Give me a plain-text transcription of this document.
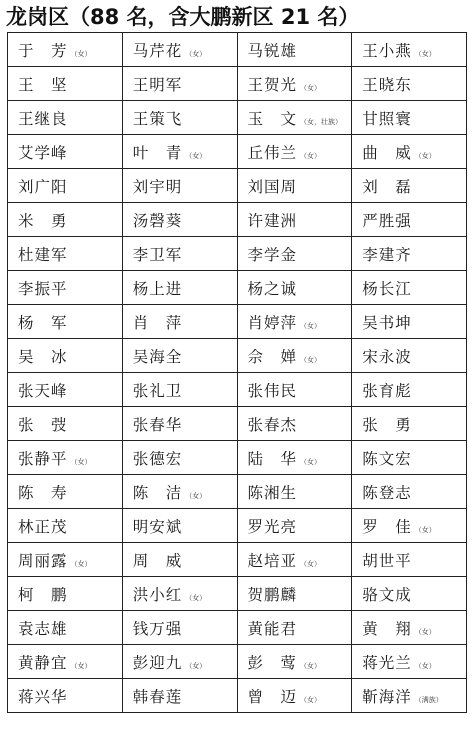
龙岗区（88 名，含大鹏新区 21 名）
于　芳 （女）	马芹花 （女）	马锐雄	王小燕 （女）
王　坚	王明军	王贺光 （女）	王晓东
王继良	王策飞	玉　文 （女，壮族）	甘照寰
艾学峰	叶　青 （女）	丘伟兰 （女）	曲　威 （女）
刘广阳	刘宇明	刘国周	刘　磊
米　勇	汤磬葵	许建洲	严胜强
杜建军	李卫军	李学金	李建齐
李振平	杨上进	杨之诚	杨长江
杨　军	肖　萍	肖婷萍 （女）	吴书坤
吴　冰	吴海全	佘　婵 （女）	宋永波
张天峰	张礼卫	张伟民	张育彪
张　弢	张春华	张春杰	张　勇
张静平 （女）	张德宏	陆　华 （女）	陈文宏
陈　寿	陈　洁 （女）	陈湘生	陈登志
林正茂	明安斌	罗光亮	罗　佳 （女）
周丽露 （女）	周　威	赵培亚 （女）	胡世平
柯　鹏	洪小红 （女）	贺鹏麟	骆文成
袁志雄	钱万强	黄能君	黄　翔 （女）
黄静宜 （女）	彭迎九 （女）	彭　莺 （女）	蒋光兰 （女）
蒋兴华	韩春莲	曾　迈 （女）	靳海洋 （满族）
